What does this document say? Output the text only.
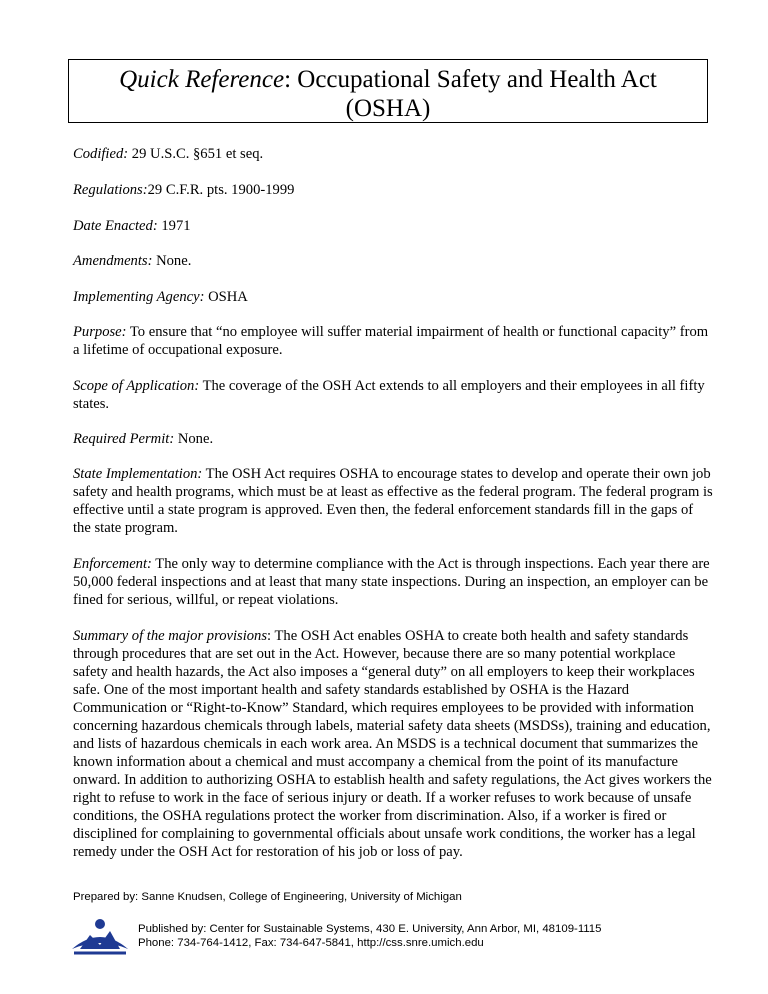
Quick Reference: Occupational Safety and Health Act
(OSHA)
Codified: 29 U.S.C. §651 et seq.
Regulations:29 C.F.R. pts. 1900-1999
Date Enacted: 1971
Amendments: None.
Implementing Agency: OSHA
Purpose: To ensure that “no employee will suffer material impairment of health or functional capacity” from a lifetime of occupational exposure.
Scope of Application: The coverage of the OSH Act extends to all employers and their employees in all fifty states.
Required Permit: None.
State Implementation: The OSH Act requires OSHA to encourage states to develop and operate their own job safety and health programs, which must be at least as effective as the federal program. The federal program is effective until a state program is approved. Even then, the federal enforcement standards fill in the gaps of the state program.
Enforcement: The only way to determine compliance with the Act is through inspections. Each year there are 50,000 federal inspections and at least that many state inspections. During an inspection, an employer can be fined for serious, willful, or repeat violations.
Summary of the major provisions: The OSH Act enables OSHA to create both health and safety standards through procedures that are set out in the Act. However, because there are so many potential workplace safety and health hazards, the Act also imposes a “general duty” on all employers to keep their workplaces safe. One of the most important health and safety standards established by OSHA is the Hazard Communication or “Right-to-Know” Standard, which requires employees to be provided with information concerning hazardous chemicals through labels, material safety data sheets (MSDSs), training and education, and lists of hazardous chemicals in each work area. An MSDS is a technical document that summarizes the known information about a chemical and must accompany a chemical from the point of its manufacture onward. In addition to authorizing OSHA to establish health and safety regulations, the Act gives workers the right to refuse to work in the face of serious injury or death. If a worker refuses to work because of unsafe conditions, the OSHA regulations protect the worker from discrimination. Also, if a worker is fired or disciplined for complaining to governmental officials about unsafe work conditions, the worker has a legal remedy under the OSH Act for restoration of his job or loss of pay.
Prepared by: Sanne Knudsen, College of Engineering, University of Michigan
Published by: Center for Sustainable Systems, 430 E. University, Ann Arbor, MI, 48109-1115
Phone: 734-764-1412, Fax: 734-647-5841, http://css.snre.umich.edu
